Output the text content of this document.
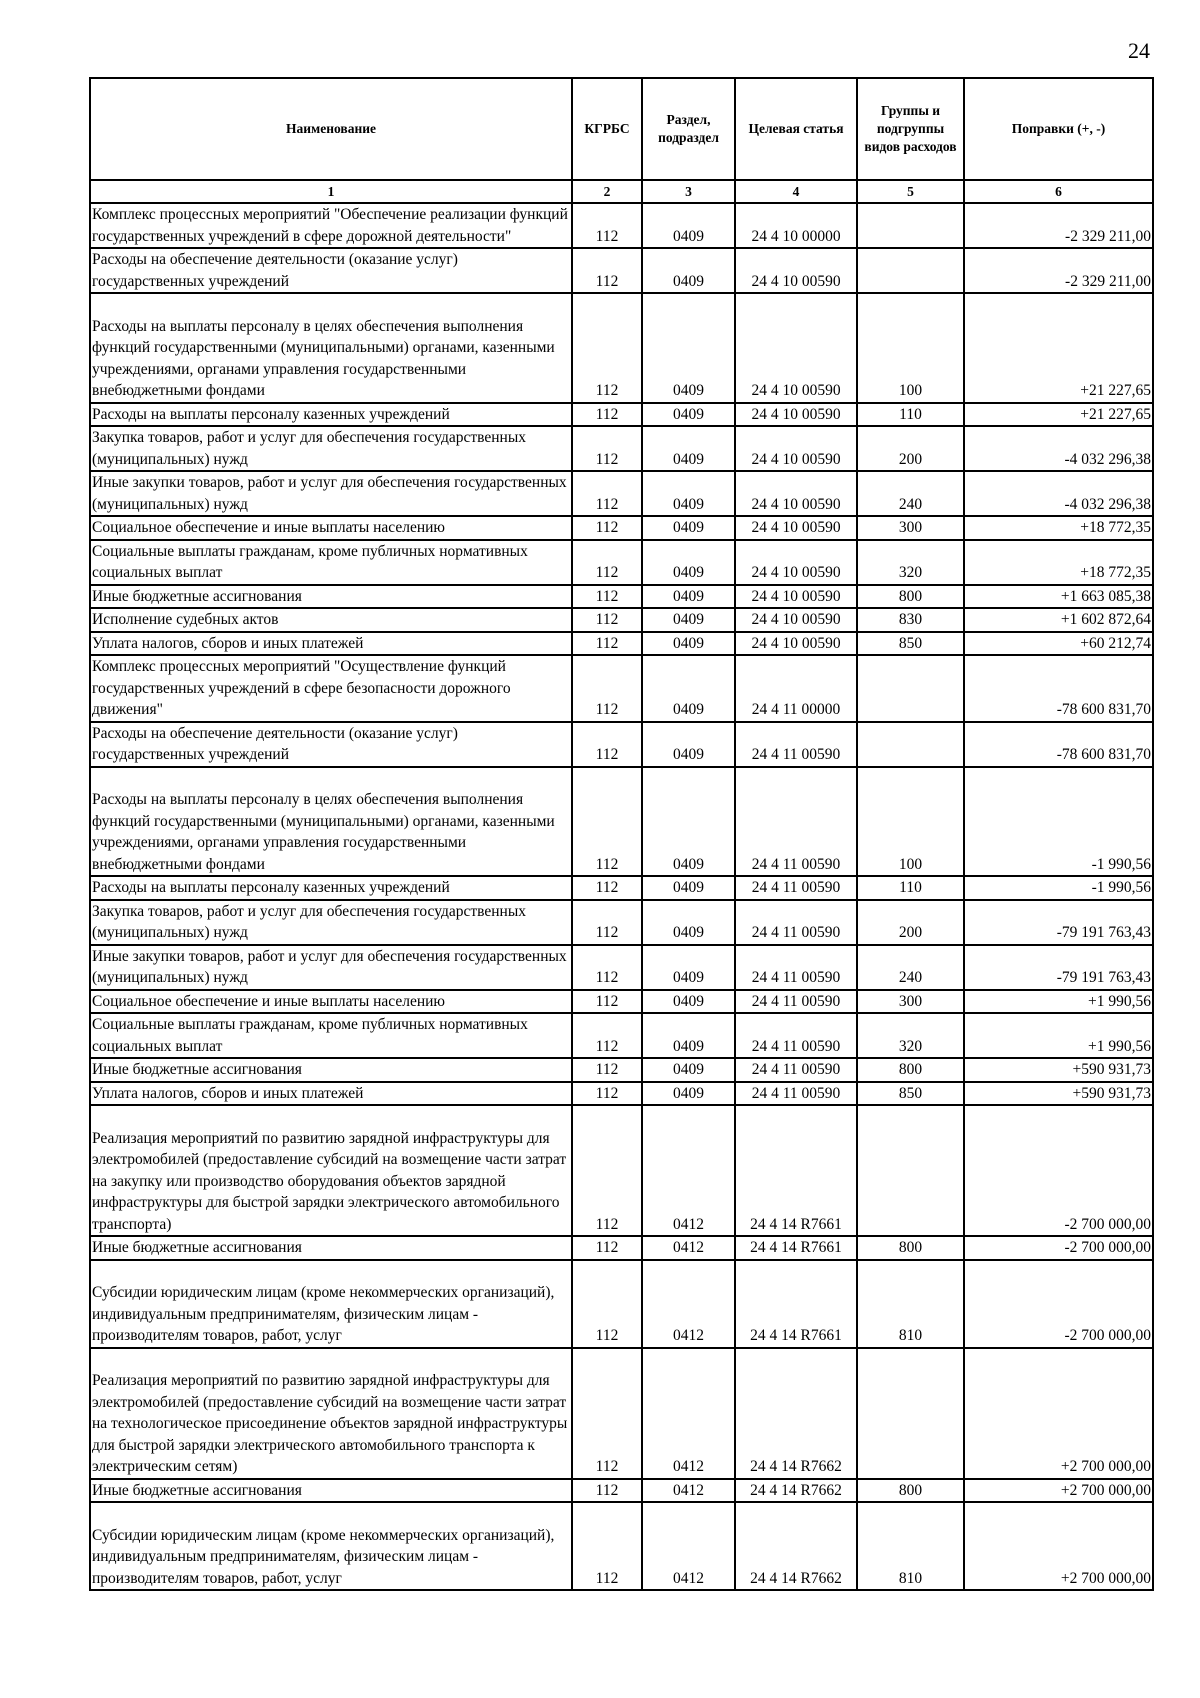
24
Наименование	КГРБС	Раздел, подраздел	Целевая статья	Группы и подгруппы видов расходов	Поправки (+, -)
1	2	3	4	5	6
Комплекс процессных мероприятий "Обеспечение реализации функций государственных учреждений в сфере дорожной деятельности"	112	0409	24 4 10 00000		-2 329 211,00
Расходы на обеспечение деятельности (оказание услуг) государственных учреждений	112	0409	24 4 10 00590		-2 329 211,00

Расходы на выплаты персоналу в целях обеспечения выполнения функций государственными (муниципальными) органами, казенными учреждениями, органами управления государственными внебюджетными фондами	112	0409	24 4 10 00590	100	+21 227,65
Расходы на выплаты персоналу казенных учреждений	112	0409	24 4 10 00590	110	+21 227,65
Закупка товаров, работ и услуг для обеспечения государственных (муниципальных) нужд	112	0409	24 4 10 00590	200	-4 032 296,38
Иные закупки товаров, работ и услуг для обеспечения государственных (муниципальных) нужд	112	0409	24 4 10 00590	240	-4 032 296,38
Социальное обеспечение и иные выплаты населению	112	0409	24 4 10 00590	300	+18 772,35
Социальные выплаты гражданам, кроме публичных нормативных социальных выплат	112	0409	24 4 10 00590	320	+18 772,35
Иные бюджетные ассигнования	112	0409	24 4 10 00590	800	+1 663 085,38
Исполнение судебных актов	112	0409	24 4 10 00590	830	+1 602 872,64
Уплата налогов, сборов и иных платежей	112	0409	24 4 10 00590	850	+60 212,74
Комплекс процессных мероприятий "Осуществление функций государственных учреждений в сфере безопасности дорожного движения"	112	0409	24 4 11 00000		-78 600 831,70
Расходы на обеспечение деятельности (оказание услуг) государственных учреждений	112	0409	24 4 11 00590		-78 600 831,70

Расходы на выплаты персоналу в целях обеспечения выполнения функций государственными (муниципальными) органами, казенными учреждениями, органами управления государственными внебюджетными фондами	112	0409	24 4 11 00590	100	-1 990,56
Расходы на выплаты персоналу казенных учреждений	112	0409	24 4 11 00590	110	-1 990,56
Закупка товаров, работ и услуг для обеспечения государственных (муниципальных) нужд	112	0409	24 4 11 00590	200	-79 191 763,43
Иные закупки товаров, работ и услуг для обеспечения государственных (муниципальных) нужд	112	0409	24 4 11 00590	240	-79 191 763,43
Социальное обеспечение и иные выплаты населению	112	0409	24 4 11 00590	300	+1 990,56
Социальные выплаты гражданам, кроме публичных нормативных социальных выплат	112	0409	24 4 11 00590	320	+1 990,56
Иные бюджетные ассигнования	112	0409	24 4 11 00590	800	+590 931,73
Уплата налогов, сборов и иных платежей	112	0409	24 4 11 00590	850	+590 931,73

Реализация мероприятий по развитию зарядной инфраструктуры для электромобилей (предоставление субсидий на возмещение части затрат на закупку или производство оборудования объектов зарядной инфраструктуры для быстрой зарядки электрического автомобильного транспорта)	112	0412	24 4 14 R7661		-2 700 000,00
Иные бюджетные ассигнования	112	0412	24 4 14 R7661	800	-2 700 000,00

Субсидии юридическим лицам (кроме некоммерческих организаций), индивидуальным предпринимателям, физическим лицам - производителям товаров, работ, услуг	112	0412	24 4 14 R7661	810	-2 700 000,00

Реализация мероприятий по развитию зарядной инфраструктуры для электромобилей (предоставление субсидий на возмещение части затрат на технологическое присоединение объектов зарядной инфраструктуры для быстрой зарядки электрического автомобильного транспорта к электрическим сетям)	112	0412	24 4 14 R7662		+2 700 000,00
Иные бюджетные ассигнования	112	0412	24 4 14 R7662	800	+2 700 000,00

Субсидии юридическим лицам (кроме некоммерческих организаций), индивидуальным предпринимателям, физическим лицам - производителям товаров, работ, услуг	112	0412	24 4 14 R7662	810	+2 700 000,00
